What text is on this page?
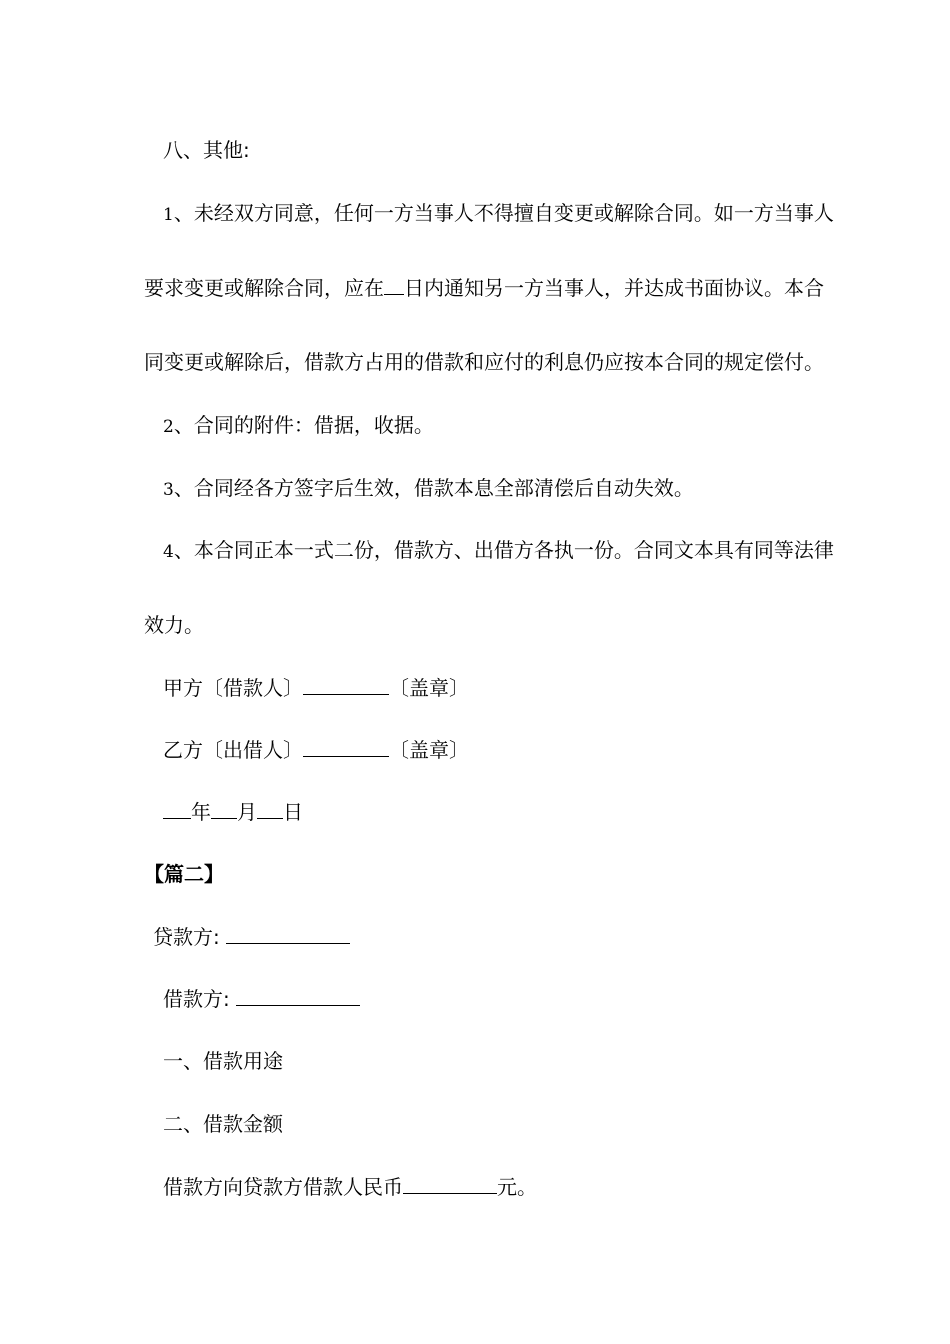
八、其他:
1、未经双方同意，任何一方当事人不得擅自变更或解除合同。如一方当事人
要求变更或解除合同，应在 日内通知另一方当事人，并达成书面协议。本合
同变更或解除后，借款方占用的借款和应付的利息仍应按本合同的规定偿付。
2、合同的附件：借据，收据。
3、合同经各方签字后生效，借款本息全部清偿后自动失效。
4、本合同正本一式二份，借款方、出借方各执一份。合同文本具有同等法律
效力。
甲方〔借款人〕	〔盖章〕
乙方〔出借人〕	〔盖章〕
年 月 日
【篇二】
贷款方:
借款方:
一、借款用途
二、借款金额
借款方向贷款方借款人民币	元。
